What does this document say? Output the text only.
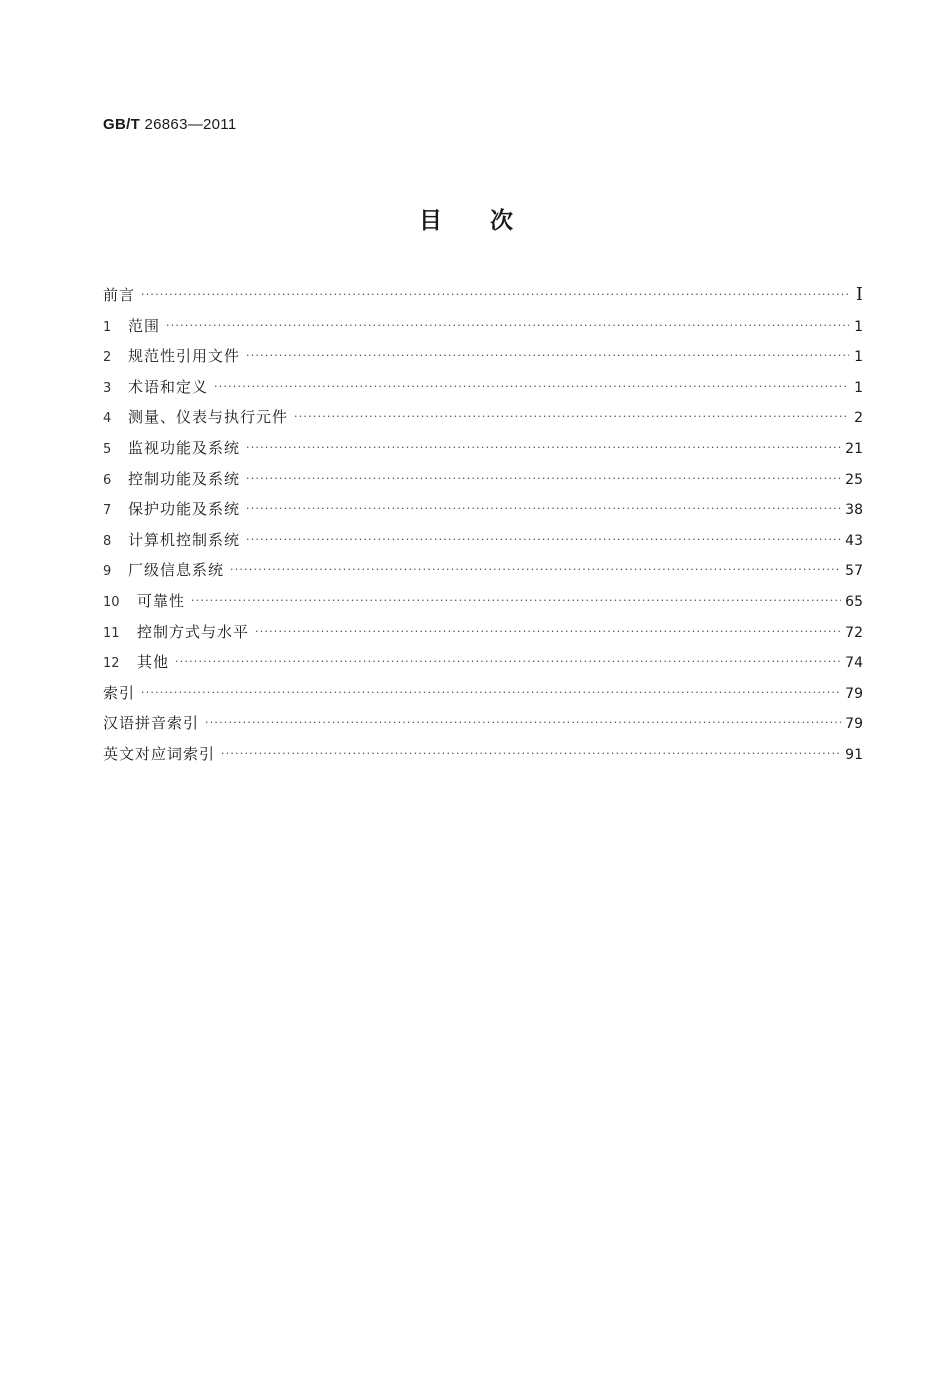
GB/T 26863—2011
目次
前言 ·····	I
1	范围 ·····	1
2	规范性引用文件 ·····	1
3	术语和定义 ·····	1
4	测量、仪表与执行元件 ·····	2
5	监视功能及系统 ·····	21
6	控制功能及系统 ·····	25
7	保护功能及系统 ·····	38
8	计算机控制系统 ·····	43
9	厂级信息系统 ·····	57
10	可靠性 ·····	65
11	控制方式与水平 ·····	72
12	其他 ·····	74
索引 ·····	79
汉语拼音索引 ·····	79
英文对应词索引 ·····	91
